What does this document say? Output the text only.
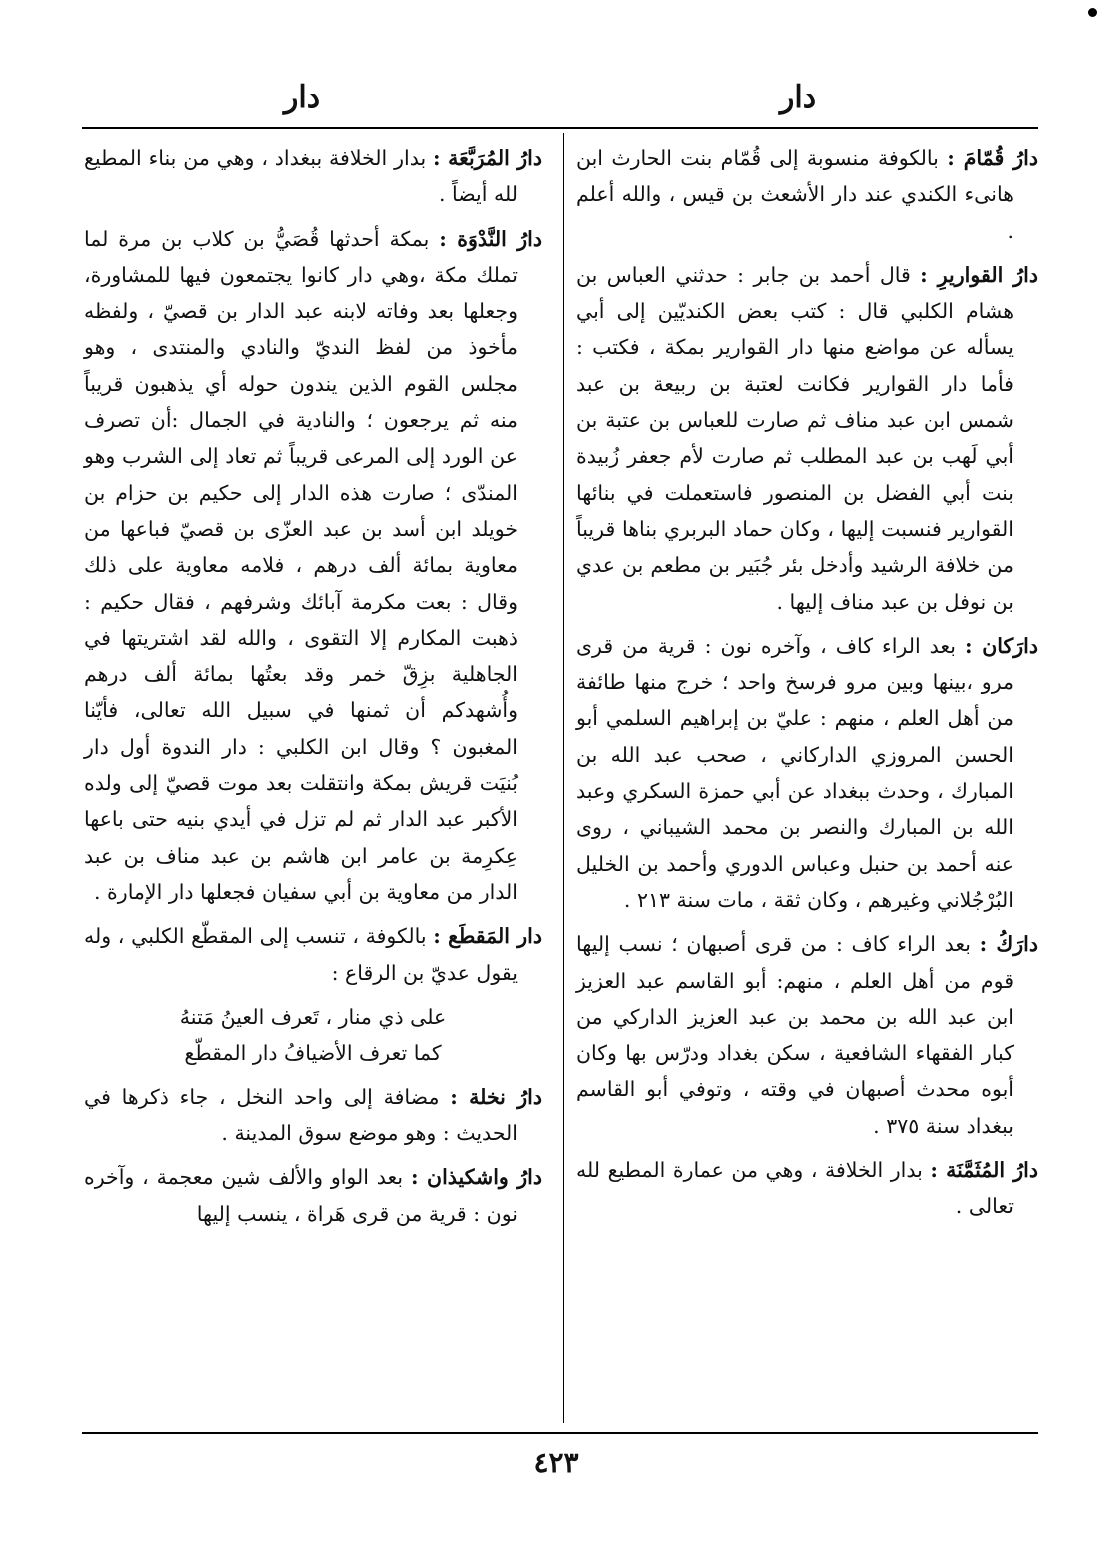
دار
دار

دارُ قُمّامَ : بالكوفة منسوبة إلى قُمّام بنت الحارث ابن هانىء الكندي عند دار الأشعث بن قيس ، والله أعلم .

دارُ القواريرِ : قال أحمد بن جابر : حدثني العباس بن هشام الكلبي قال : كتب بعض الكنديّين إلى أبي يسأله عن مواضع منها دار القوارير بمكة ، فكتب : فأما دار القوارير فكانت لعتبة بن ربيعة بن عبد شمس ابن عبد مناف ثم صارت للعباس بن عتبة بن أبي لَهب بن عبد المطلب ثم صارت لأم جعفر زُبيدة بنت أبي الفضل بن المنصور فاستعملت في بنائها القوارير فنسبت إليها ، وكان حماد البربري بناها قريباً من خلافة الرشيد وأدخل بئر جُبَير بن مطعم بن عدي بن نوفل بن عبد مناف إليها .

دارَكان : بعد الراء كاف ، وآخره نون : قرية من قرى مرو ،بينها وبين مرو فرسخ واحد ؛ خرج منها طائفة من أهل العلم ، منهم : عليّ بن إبراهيم السلمي أبو الحسن المروزي الداركاني ، صحب عبد الله بن المبارك ، وحدث ببغداد عن أبي حمزة السكري وعبد الله بن المبارك والنصر بن محمد الشيباني ، روى عنه أحمد بن حنبل وعباس الدوري وأحمد بن الخليل البُرْجُلاني وغيرهم ، وكان ثقة ، مات سنة ٢١٣ .

دارَكُ : بعد الراء كاف : من قرى أصبهان ؛ نسب إليها قوم من أهل العلم ، منهم: أبو القاسم عبد العزيز ابن عبد الله بن محمد بن عبد العزيز الداركي من كبار الفقهاء الشافعية ، سكن بغداد ودرّس بها وكان أبوه محدث أصبهان في وقته ، وتوفي أبو القاسم ببغداد سنة ٣٧٥ .

دارُ المُثَمَّنَة : بدار الخلافة ، وهي من عمارة المطيع لله تعالى .

دارُ المُرَبَّعَة : بدار الخلافة ببغداد ، وهي من بناء المطيع لله أيضاً .

دارُ النَّدْوَة : بمكة أحدثها قُصَيُّ بن كلاب بن مرة لما تملك مكة ،وهي دار كانوا يجتمعون فيها للمشاورة، وجعلها بعد وفاته لابنه عبد الدار بن قصيّ ، ولفظه مأخوذ من لفظ النديّ والنادي والمنتدى ، وهو مجلس القوم الذين يندون حوله أي يذهبون قريباً منه ثم يرجعون ؛ والنادية في الجمال :أن تصرف عن الورد إلى المرعى قريباً ثم تعاد إلى الشرب وهو المندّى ؛ صارت هذه الدار إلى حكيم بن حزام بن خويلد ابن أسد بن عبد العزّى بن قصيّ فباعها من معاوية بمائة ألف درهم ، فلامه معاوية على ذلك وقال : بعت مكرمة آبائك وشرفهم ، فقال حكيم : ذهبت المكارم إلا التقوى ، والله لقد اشتريتها في الجاهلية بزِقّ خمر وقد بعتُها بمائة ألف درهم وأُشهدكم أن ثمنها في سبيل الله تعالى، فأيّنا المغبون ؟ وقال ابن الكلبي : دار الندوة أول دار بُنيَت قريش بمكة وانتقلت بعد موت قصيّ إلى ولده الأكبر عبد الدار ثم لم تزل في أيدي بنيه حتى باعها عِكرِمة بن عامر ابن هاشم بن عبد مناف بن عبد الدار من معاوية بن أبي سفيان فجعلها دار الإمارة .

دار المَقطَع : بالكوفة ، تنسب إلى المقطّع الكلبي ، وله يقول عديّ بن الرقاع :

على ذي منار ، تَعرف العينُ مَتنهُ
كما تعرف الأضيافُ دار المقطّع

دارُ نخلة : مضافة إلى واحد النخل ، جاء ذكرها في الحديث : وهو موضع سوق المدينة .

دارُ واشكيذان : بعد الواو والألف شين معجمة ، وآخره نون : قرية من قرى هَراة ، ينسب إليها

٤٢٣
